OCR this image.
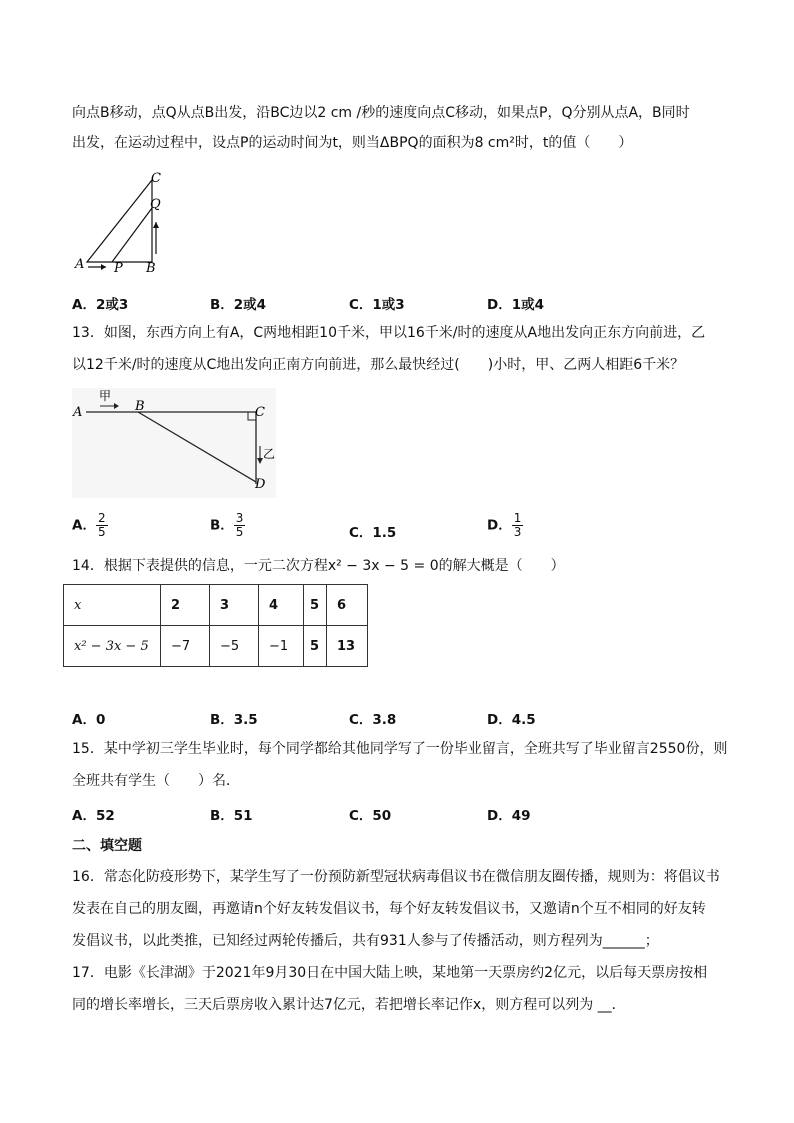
向点B移动，点Q从点B出发，沿BC边以2 cm /秒的速度向点C移动，如果点P，Q分别从点A，B同时
出发，在运动过程中，设点P的运动时间为t，则当ΔBPQ的面积为8 cm²时，t的值（　　）
A P B
C
Q
A．2或3	B．2或4	C．1或3	D．1或4
13．如图，东西方向上有A，C两地相距10千米，甲以16千米/时的速度从A地出发向正东方向前进，乙
以12千米/时的速度从C地出发向正南方向前进，那么最快经过(　　)小时，甲、乙两人相距6千米？
A	B	C
D
甲
乙
A． $\frac{2}{5}$	B． $\frac{3}{5}$	C．1.5	D． $\frac{1}{3}$
14．根据下表提供的信息，一元二次方程x² − 3x − 5 = 0的解大概是（　　）
x	2	3	4	5	6
x² − 3x − 5	−7	−5	−1	5	13
A．0	B．3.5	C．3.8	D．4.5
15．某中学初三学生毕业时，每个同学都给其他同学写了一份毕业留言，全班共写了毕业留言2550份，则
全班共有学生（　　）名．
A．52	B．51	C．50	D．49
二、填空题
16．常态化防疫形势下，某学生写了一份预防新型冠状病毒倡议书在微信朋友圈传播，规则为：将倡议书
发表在自己的朋友圈，再邀请n个好友转发倡议书，每个好友转发倡议书，又邀请n个互不相同的好友转
发倡议书，以此类推，已知经过两轮传播后，共有931人参与了传播活动，则方程列为______；
17．电影《长津湖》于2021年9月30日在中国大陆上映，某地第一天票房约2亿元，以后每天票房按相
同的增长率增长，三天后票房收入累计达7亿元，若把增长率记作x，则方程可以列为 __．
